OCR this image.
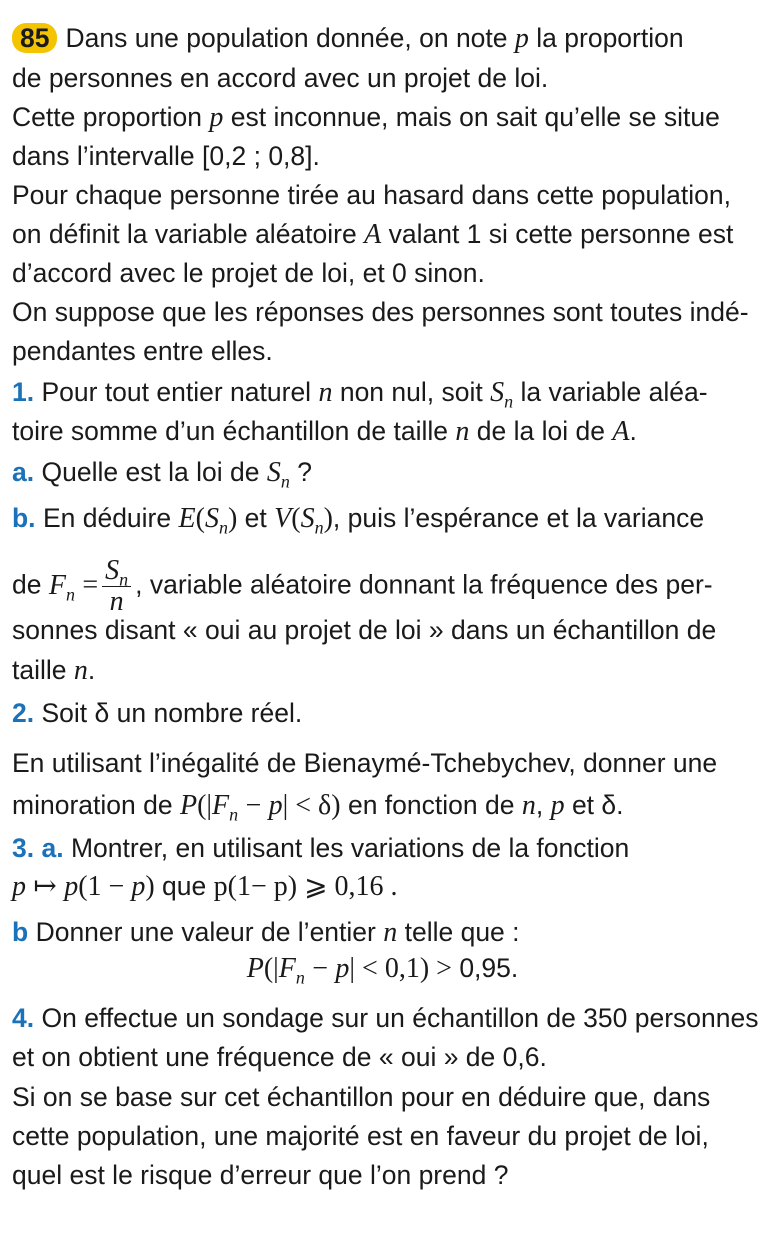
85 Dans une population donnée, on note p la proportion
de personnes en accord avec un projet de loi.
Cette proportion p est inconnue, mais on sait qu’elle se situe
dans l’intervalle [0,2 ; 0,8].
Pour chaque personne tirée au hasard dans cette population,
on définit la variable aléatoire A valant 1 si cette personne est
d’accord avec le projet de loi, et 0 sinon.
On suppose que les réponses des personnes sont toutes indé-
pendantes entre elles.
1. Pour tout entier naturel n non nul, soit $S_n$ la variable aléa-
toire somme d’un échantillon de taille n de la loi de A.
a. Quelle est la loi de $S_n$ ?
b. En déduire $E(S_n)$ et $V(S_n)$, puis l’espérance et la variance
de $F_n = \frac{S_n}{n}$ , variable aléatoire donnant la fréquence des per-
sonnes disant « oui au projet de loi » dans un échantillon de
taille n.
2. Soit δ un nombre réel.
En utilisant l’inégalité de Bienaymé-Tchebychev, donner une
minoration de $P(|F_n - p| < \delta)$ en fonction de n, p et δ.
3. a. Montrer, en utilisant les variations de la fonction
p ↦ p(1 − p) que p(1− p) ⩾ 0,16 .
b Donner une valeur de l’entier n telle que :
$P(|F_n - p| < 0,1) > 0,95$.
4. On effectue un sondage sur un échantillon de 350 personnes
et on obtient une fréquence de « oui » de 0,6.
Si on se base sur cet échantillon pour en déduire que, dans
cette population, une majorité est en faveur du projet de loi,
quel est le risque d’erreur que l’on prend ?
